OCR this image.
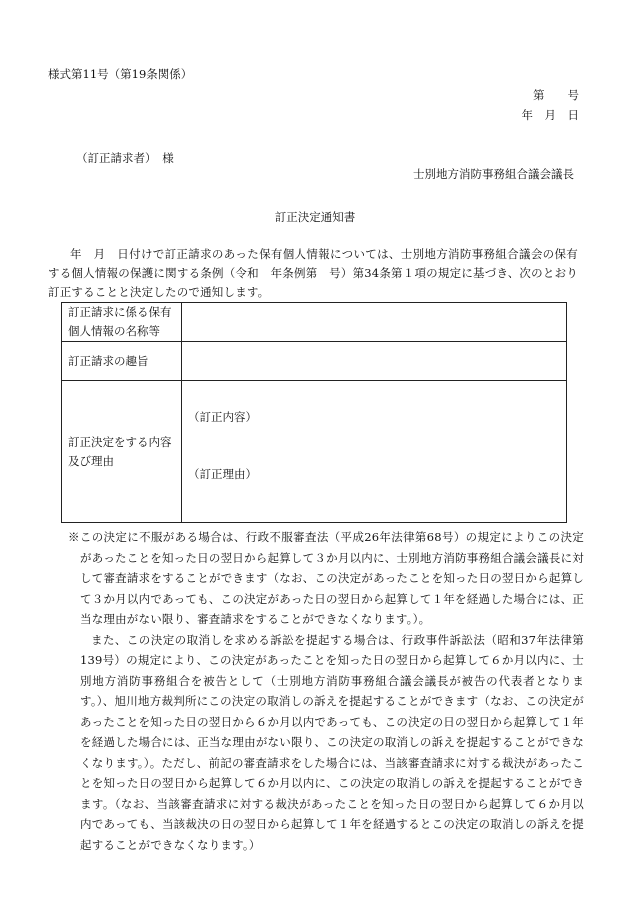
様式第11号（第19条関係）
第　　号
年　月　日
（訂正請求者）　様
士別地方消防事務組合議会議長
訂正決定通知書
年　月　日付けで訂正請求のあった保有個人情報については、士別地方消防事務組合議会の保有する個人情報の保護に関する条例（令和　年条例第　号）第34条第１項の規定に基づき、次のとおり訂正することと決定したので通知します。
訂正請求に係る保有個人情報の名称等	
訂正請求の趣旨	
訂正決定をする内容及び理由	（訂正内容）
（訂正理由）

※この決定に不服がある場合は、行政不服審査法（平成26年法律第68号）の規定によりこの決定があったことを知った日の翌日から起算して３か月以内に、士別地方消防事務組合議会議長に対して審査請求をすることができます（なお、この決定があったことを知った日の翌日から起算して３か月以内であっても、この決定があった日の翌日から起算して１年を経過した場合には、正当な理由がない限り、審査請求をすることができなくなります。）。

また、この決定の取消しを求める訴訟を提起する場合は、行政事件訴訟法（昭和37年法律第139号）の規定により、この決定があったことを知った日の翌日から起算して６か月以内に、士別地方消防事務組合を被告として（士別地方消防事務組合議会議長が被告の代表者となります。）、旭川地方裁判所にこの決定の取消しの訴えを提起することができます（なお、この決定があったことを知った日の翌日から６か月以内であっても、この決定の日の翌日から起算して１年を経過した場合には、正当な理由がない限り、この決定の取消しの訴えを提起することができなくなります。）。ただし、前記の審査請求をした場合には、当該審査請求に対する裁決があったことを知った日の翌日から起算して６か月以内に、この決定の取消しの訴えを提起することができます。（なお、当該審査請求に対する裁決があったことを知った日の翌日から起算して６か月以内であっても、当該裁決の日の翌日から起算して１年を経過するとこの決定の取消しの訴えを提起することができなくなります。）
